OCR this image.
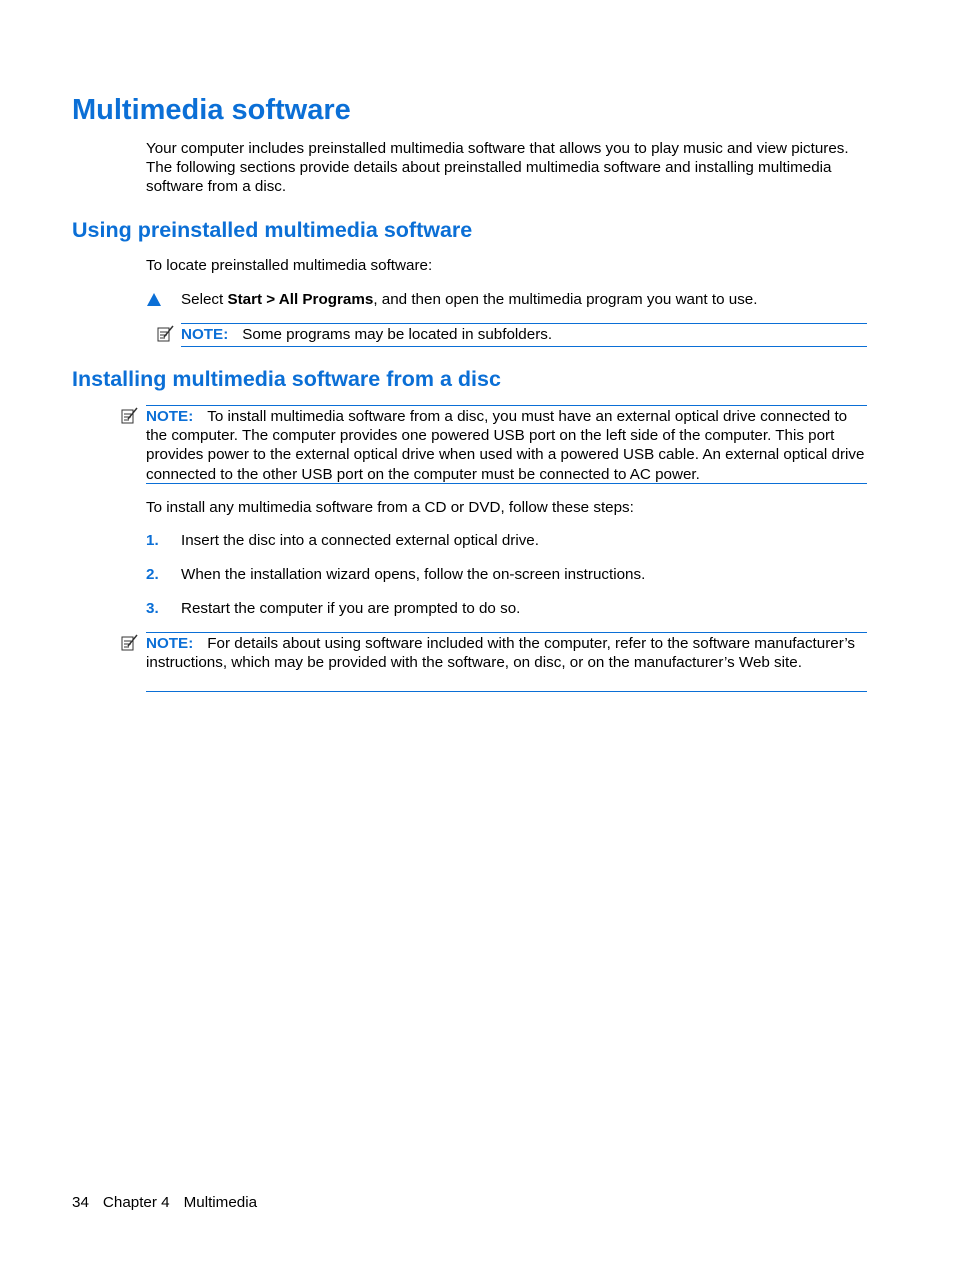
Multimedia software
Your computer includes preinstalled multimedia software that allows you to play music and view pictures. The following sections provide details about preinstalled multimedia software and installing multimedia software from a disc.
Using preinstalled multimedia software
To locate preinstalled multimedia software:
Select Start > All Programs, and then open the multimedia program you want to use.
NOTE: Some programs may be located in subfolders.
Installing multimedia software from a disc
NOTE: To install multimedia software from a disc, you must have an external optical drive connected to the computer. The computer provides one powered USB port on the left side of the computer. This port provides power to the external optical drive when used with a powered USB cable. An external optical drive connected to the other USB port on the computer must be connected to AC power.
To install any multimedia software from a CD or DVD, follow these steps:
1. Insert the disc into a connected external optical drive.
2. When the installation wizard opens, follow the on-screen instructions.
3. Restart the computer if you are prompted to do so.
NOTE: For details about using software included with the computer, refer to the software manufacturer’s instructions, which may be provided with the software, on disc, or on the manufacturer’s Web site.
34 Chapter 4 Multimedia
